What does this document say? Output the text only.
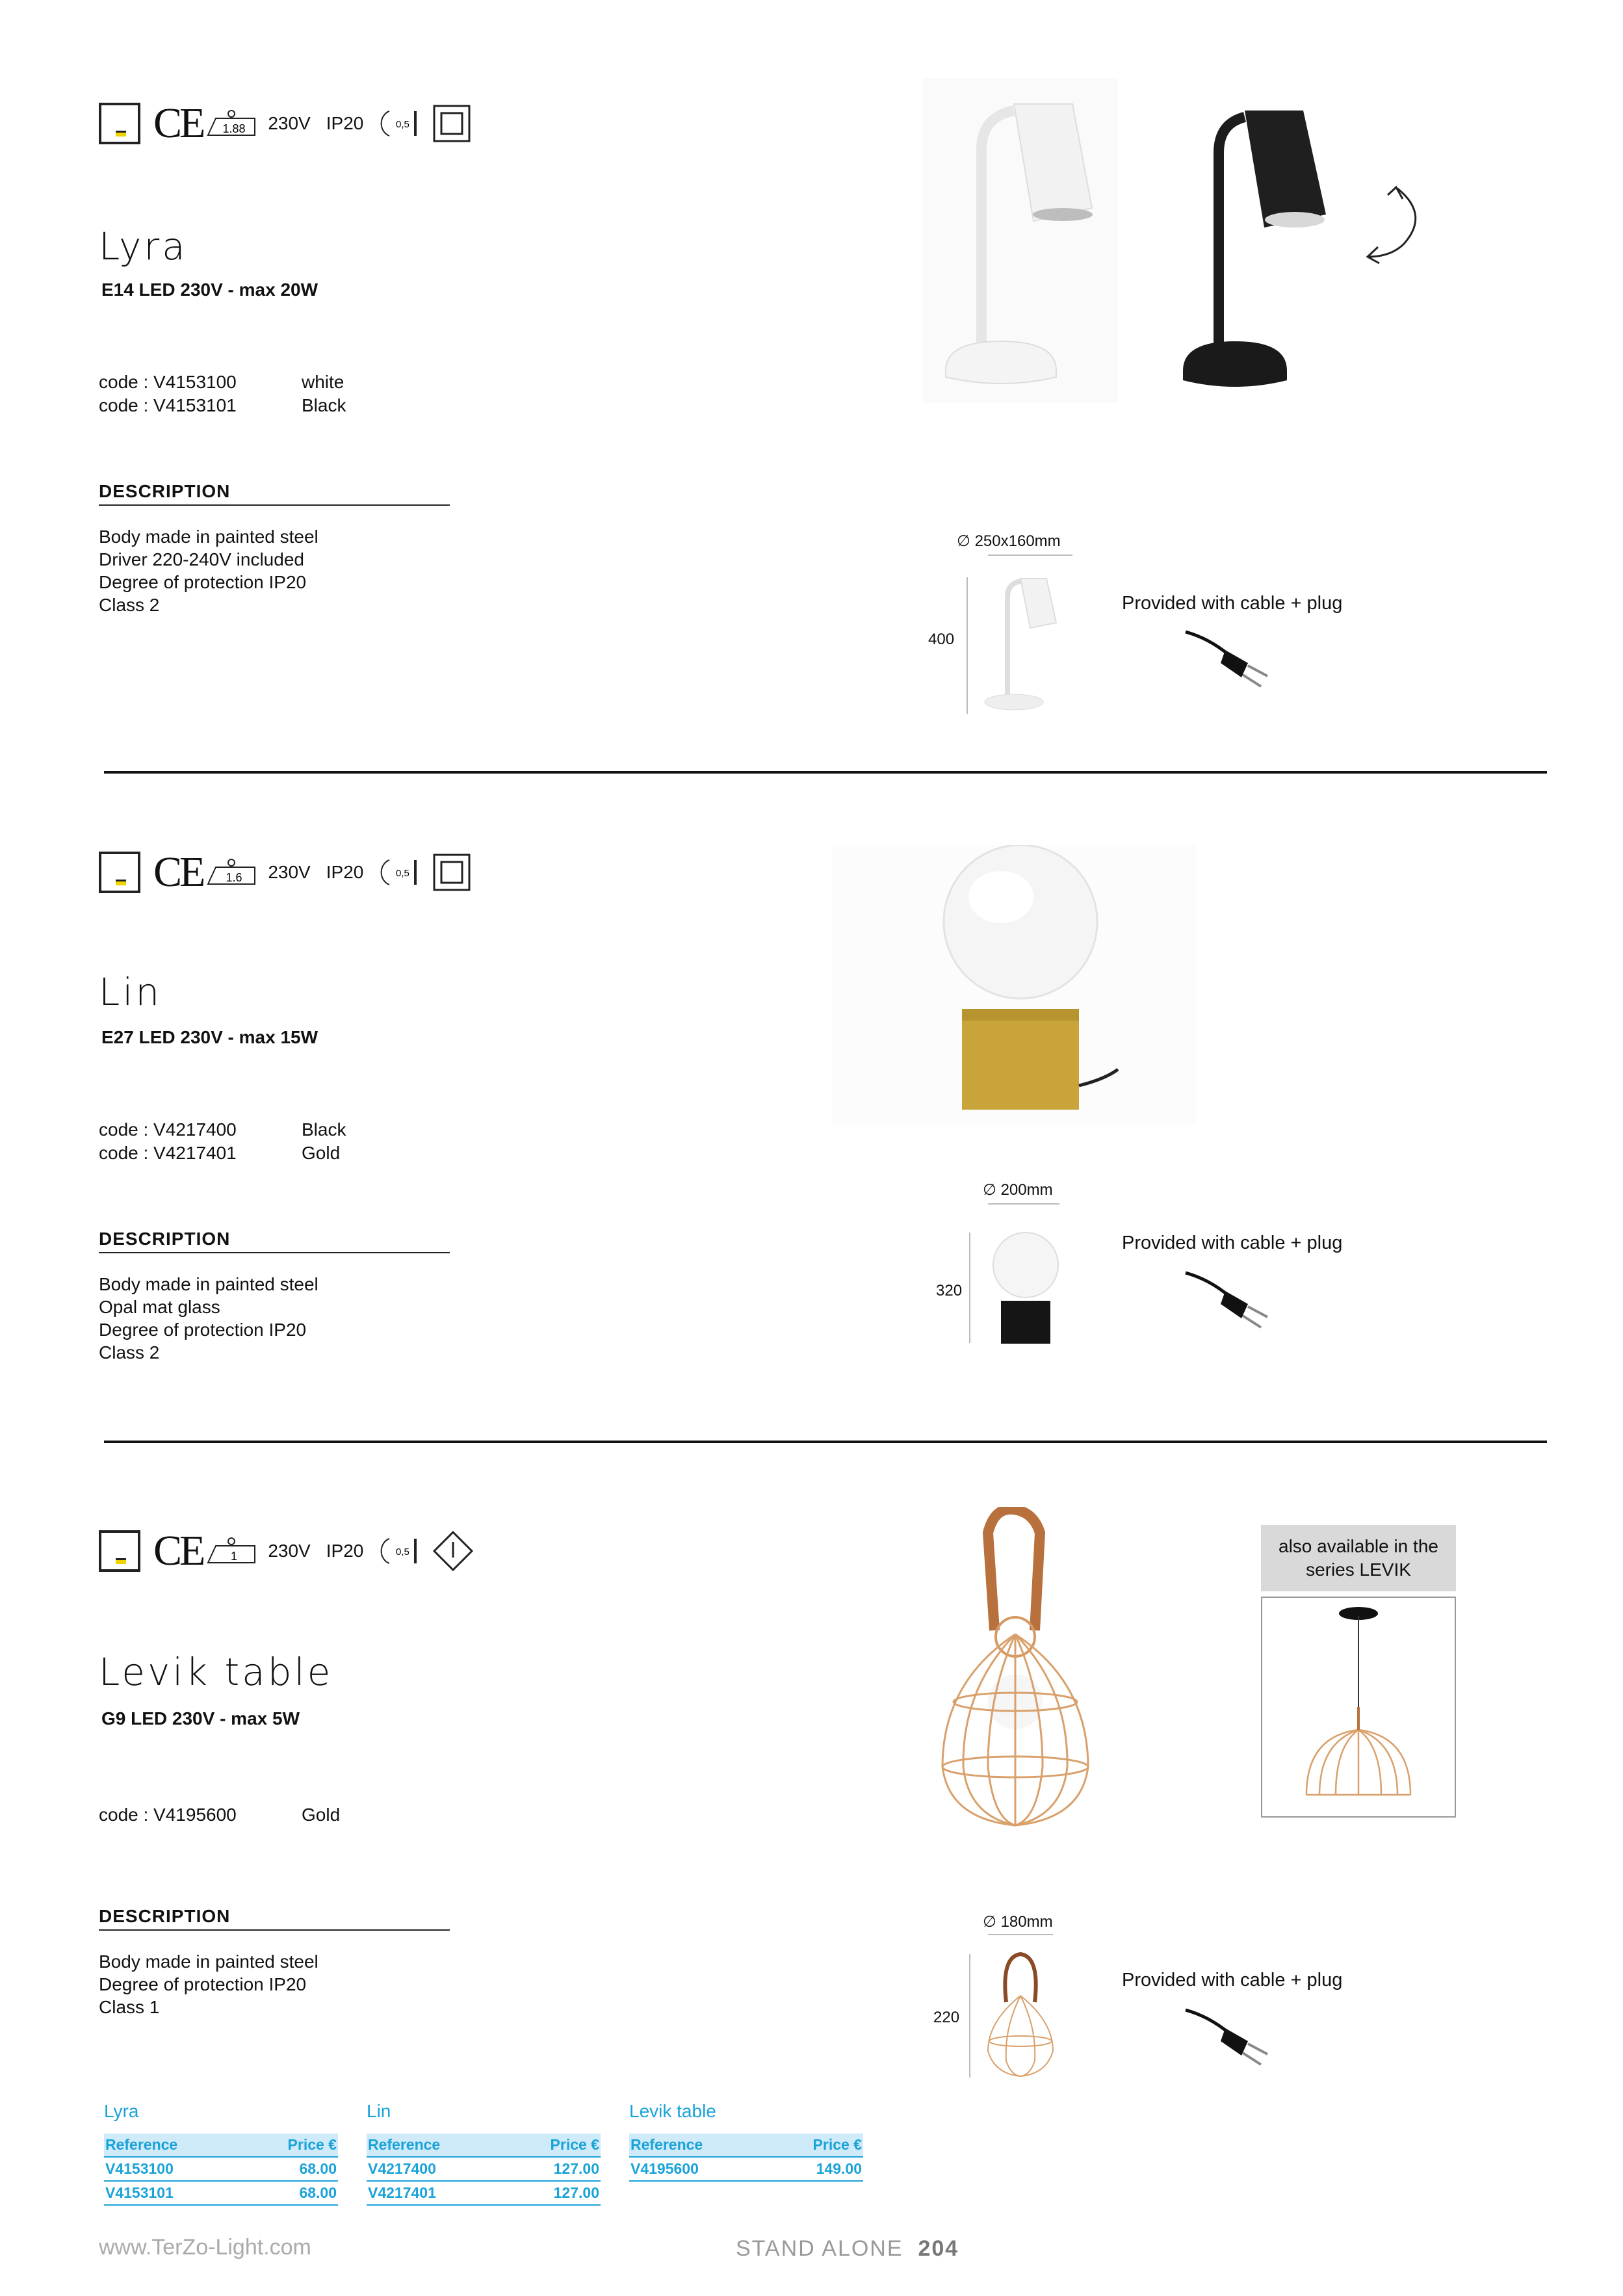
CE 1.88 230V IP20	0,5
Lyra
E14 LED 230V - max 20W
code : V4153100	white
code : V4153101	Black
DESCRIPTION
Body made in painted steel
Driver 220-240V included
Degree of protection IP20
Class 2
∅ 250x160mm
400
Provided with cable + plug
CE 1.6 230V IP20	0,5
Lin
E27 LED 230V - max 15W
code : V4217400	Black
code : V4217401	Gold
DESCRIPTION
Body made in painted steel
Opal mat glass
Degree of protection IP20
Class 2
∅ 200mm
320
Provided with cable + plug
CE 1 230V IP20	0,5
Levik table
G9 LED 230V - max 5W
code : V4195600	Gold
DESCRIPTION
Body made in painted steel
Degree of protection IP20
Class 1
also available in the series LEVIK
∅ 180mm
220
Provided with cable + plug
Lyra
Reference	Price €
V4153100	68.00
V4153101	68.00
Lin
Reference	Price €
V4217400	127.00
V4217401	127.00
Levik table
Reference	Price €
V4195600	149.00
www.TerZo-Light.com	STAND ALONE 204
